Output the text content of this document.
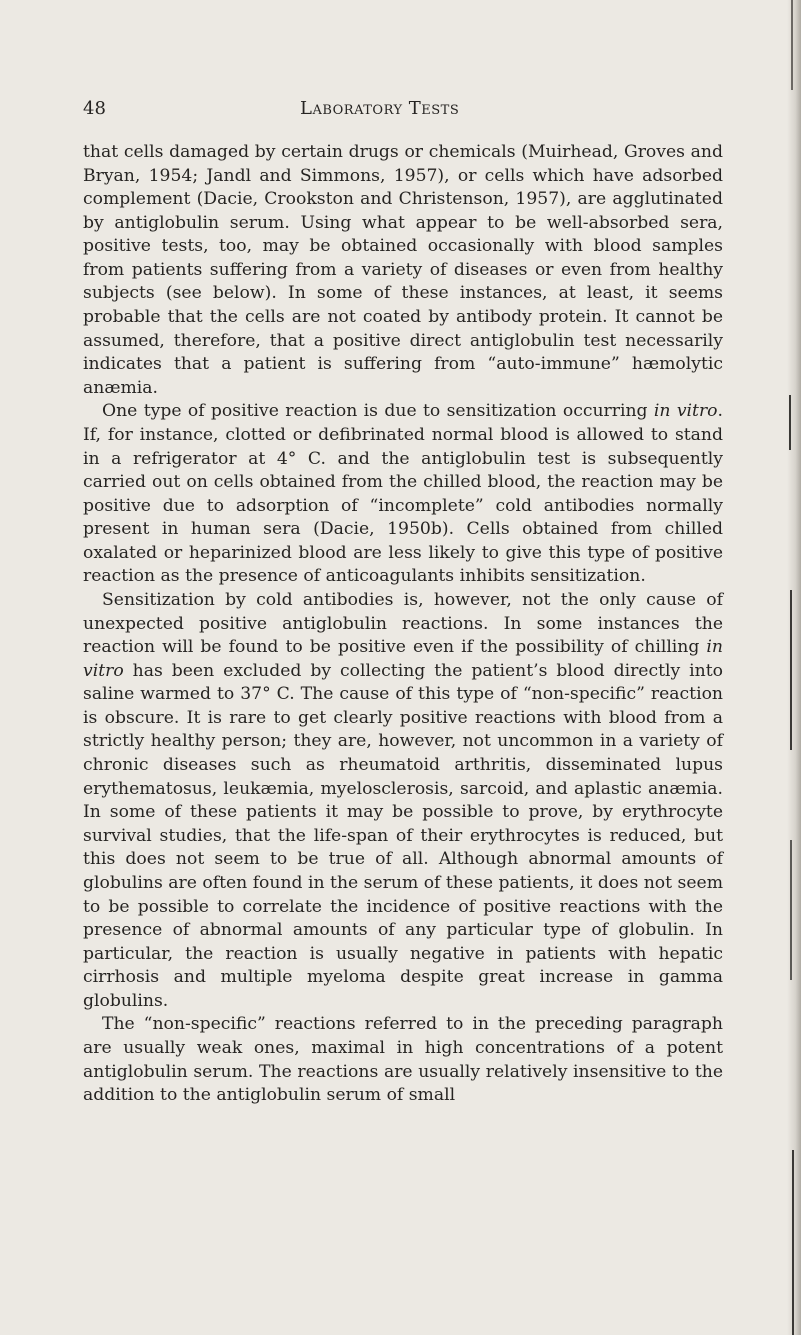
48	Laboratory Tests

that cells damaged by certain drugs or chemicals (Muirhead, Groves and Bryan, 1954; Jandl and Simmons, 1957), or cells which have adsorbed complement (Dacie, Crookston and Christenson, 1957), are agglutinated by antiglobulin serum. Using what appear to be well-absorbed sera, positive tests, too, may be obtained occasionally with blood samples from patients suffering from a variety of diseases or even from healthy subjects (see below). In some of these instances, at least, it seems probable that the cells are not coated by antibody protein. It cannot be assumed, therefore, that a positive direct antiglobulin test necessarily indicates that a patient is suffering from “auto-immune” hæmolytic anæmia.

One type of positive reaction is due to sensitization occurring in vitro. If, for instance, clotted or defibrinated normal blood is allowed to stand in a refrigerator at 4° C. and the antiglobulin test is subsequently carried out on cells obtained from the chilled blood, the reaction may be positive due to adsorption of “incomplete” cold antibodies normally present in human sera (Dacie, 1950b). Cells obtained from chilled oxalated or heparinized blood are less likely to give this type of positive reaction as the presence of anticoagulants inhibits sensitization.

Sensitization by cold antibodies is, however, not the only cause of unexpected positive antiglobulin reactions. In some instances the reaction will be found to be positive even if the possibility of chilling in vitro has been excluded by collecting the patient’s blood directly into saline warmed to 37° C. The cause of this type of “non-specific” reaction is obscure. It is rare to get clearly positive reactions with blood from a strictly healthy person; they are, however, not uncommon in a variety of chronic diseases such as rheumatoid arthritis, disseminated lupus erythematosus, leukæmia, myelosclerosis, sarcoid, and aplastic anæmia. In some of these patients it may be possible to prove, by erythrocyte survival studies, that the life-span of their erythrocytes is reduced, but this does not seem to be true of all. Although abnormal amounts of globulins are often found in the serum of these patients, it does not seem to be possible to correlate the incidence of positive reactions with the presence of abnormal amounts of any particular type of globulin. In particular, the reaction is usually negative in patients with hepatic cirrhosis and multiple myeloma despite great increase in gamma globulins.

The “non-specific” reactions referred to in the preceding paragraph are usually weak ones, maximal in high concentrations of a potent antiglobulin serum. The reactions are usually relatively insensitive to the addition to the antiglobulin serum of small
